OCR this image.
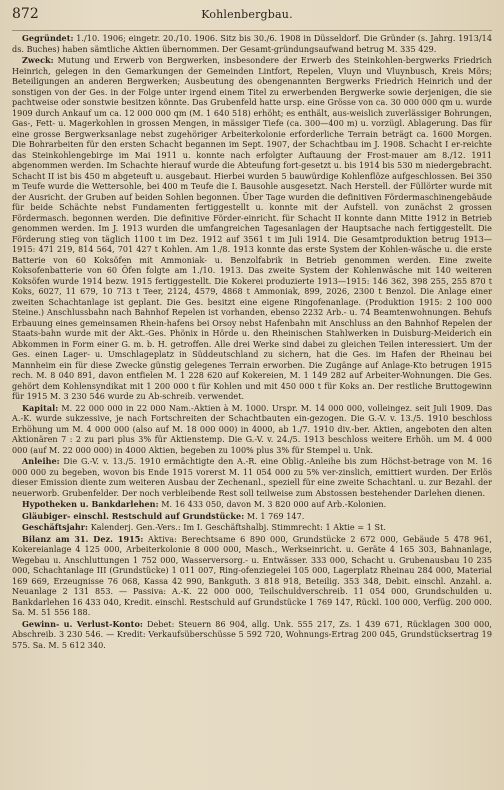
872	Kohlenbergbau.

Gegründet: 1./10. 1906; eingetr. 20./10. 1906. Sitz bis 30./6. 1908 in Düsseldorf. Die Gründer (s. Jahrg. 1913/14 ds. Buches) haben sämtliche Aktien übernommen. Der Gesamt-gründungsaufwand betrug M. 335 429.

Zweck: Mutung und Erwerb von Bergwerken, insbesondere der Erwerb des Steinkohlen-bergwerks Friedrich Heinrich, gelegen in den Gemarkungen der Gemeinden Lintfort, Repelen, Vluyn und Vluynbusch, Kreis Mörs; Beteiligungen an anderen Bergwerken; Ausbeutung des obengenannten Bergwerks Friedrich Heinrich und der sonstigen von der Ges. in der Folge unter irgend einem Titel zu erwerbenden Bergwerke sowie derjenigen, die sie pachtweise oder sonstwie besitzen könnte. Das Grubenfeld hatte ursp. eine Grösse von ca. 30 000 000 qm u. wurde 1909 durch Ankauf um ca. 12 000 000 qm (M. 1 640 518) erhöht; es enthält, aus-weislich zuverlässiger Bohrungen, Gas-, Fett- u. Magerkohlen in grossen Mengen, in mässiger Tiefe (ca. 300—400 m) u. vorzügl. Ablagerung. Das für eine grosse Bergwerksanlage nebst zugehöriger Arbeiterkolonie erforderliche Terrain beträgt ca. 1600 Morgen. Die Bohrarbeiten für den ersten Schacht begannen im Sept. 1907, der Schachtbau im J. 1908. Schacht I er-reichte das Steinkohlengebirge im Mai 1911 u. konnte nach erfolgter Auftauung der Frost-mauer am 8./12. 1911 abgenommen werden. Im Schachte hierauf wurde die Abteufung fort-gesetzt u. bis 1914 bis 530 m niedergebracht. Schacht II ist bis 450 m abgeteuft u. ausgebaut. Hierbei wurden 5 bauwürdige Kohlenflöze aufgeschlossen. Bei 350 m Teufe wurde die Wettersohle, bei 400 m Teufe die I. Bausohle ausgesetzt. Nach Herstell. der Füllörter wurde mit der Ausricht. der Gruben auf beiden Sohlen begonnen. Über Tage wurden die definitiven Fördermaschinengebäude für beide Schächte nebst Fundamenten fertiggestellt u. konnte mit der Aufstell. von zunächst 2 grossen Fördermasch. begonnen werden. Die definitive Förder-einricht. für Schacht II konnte dann Mitte 1912 in Betrieb genommen werden. Im J. 1913 wurden die umfangreichen Tagesanlagen der Hauptsache nach fertiggestellt. Die Förderung stieg von täglich 1100 t im Dez. 1912 auf 3561 t im Juli 1914. Die Gesamtproduktion betrug 1913—1915: 471 219, 814 564, 701 427 t Kohlen. Am 1./8. 1913 konnte das erste System der Kohlen-wäsche u. die erste Batterie von 60 Koksöfen mit Ammoniak- u. Benzolfabrik in Betrieb genommen werden. Eine zweite Koksofenbatterie von 60 Öfen folgte am 1./10. 1913. Das zweite System der Kohlenwäsche mit 140 weiteren Koksöfen wurde 1914 bezw. 1915 fertiggestellt. Die Kokerei produzierte 1913—1915: 146 362, 398 255, 255 870 t Koks, 6027, 11 679, 10 713 t Teer, 2124, 4579, 4868 t Ammoniak, 899, 2026, 2300 t Benzol. Die Anlage einer zweiten Schachtanlage ist geplant. Die Ges. besitzt eine eigene Ringofenanlage. (Produktion 1915: 2 100 000 Steine.) Anschlussbahn nach Bahnhof Repelen ist vorhanden, ebenso 2232 Arb.- u. 74 Beamtenwohnungen. Behufs Erbauung eines gemeinsamen Rhein-hafens bei Orsoy nebst Hafenbahn mit Anschluss an den Bahnhof Repelen der Staats-bahn wurde mit der Akt.-Ges. Phönix in Hörde u. den Rheinischen Stahlwerken in Duisburg-Meiderich ein Abkommen in Form einer G. m. b. H. getroffen. Alle drei Werke sind dabei zu gleichen Teilen interessiert. Um der Ges. einen Lager- u. Umschlageplatz in Süddeutschland zu sichern, hat die Ges. im Hafen der Rheinau bei Mannheim ein für diese Zwecke günstig gelegenes Terrain erworben. Die Zugänge auf Anlage-Kto betrugen 1915 rech. M. 8 040 891, davon entfielen M. 1 228 620 auf Kokereien, M. 1 149 282 auf Arbeiter-Wohnungen. Die Ges. gehört dem Kohlensyndikat mit 1 200 000 t für Kohlen und mit 450 000 t für Koks an. Der restliche Bruttogewinn für 1915 M. 3 230 546 wurde zu Ab-schreib. verwendet.

Kapital: M. 22 000 000 in 22 000 Nam.-Aktien à M. 1000. Urspr. M. 14 000 000, volleingez. seit Juli 1909. Das A.-K. wurde sukzessive, je nach Fortschreiten der Schachtbauten ein-gezogen. Die G.-V. v. 13./5. 1910 beschloss Erhöhung um M. 4 000 000 (also auf M. 18 000 000) in 4000, ab 1./7. 1910 div.-ber. Aktien, angeboten den alten Aktionären 7 : 2 zu pari plus 3% für Aktienstemp. Die G.-V. v. 24./5. 1913 beschloss weitere Erhöh. um M. 4 000 000 (auf M. 22 000 000) in 4000 Aktien, begeben zu 100% plus 3% für Stempel u. Unk.

Anleihe: Die G.-V. v. 13./5. 1910 ermächtigte den A.-R. eine Oblig.-Anleihe bis zum Höchst-betrage von M. 16 000 000 zu begeben, wovon bis Ende 1915 vorerst M. 11 054 000 zu 5% ver-zinslich, emittiert wurden. Der Erlös dieser Emission diente zum weiteren Ausbau der Zechenanl., speziell für eine zweite Schachtanl. u. zur Bezahl. der neuerworb. Grubenfelder. Der noch verbleibende Rest soll teilweise zum Abstossen bestehender Darlehen dienen.

Hypotheken u. Bankdarlehen: M. 16 433 050, davon M. 3 820 000 auf Arb.-Kolonien.

Gläubiger- einschl. Restschuld auf Grundstücke: M. 1 769 147.

Geschäftsjahr: Kalenderj. Gen.-Vers.: Im I. Geschäftshalbj. Stimmrecht: 1 Aktie = 1 St.

Bilanz am 31. Dez. 1915: Aktiva: Berechtsame 6 890 000, Grundstücke 2 672 000, Gebäude 5 478 961, Kokereianlage 4 125 000, Arbeiterkolonie 8 000 000, Masch., Werkseinricht. u. Geräte 4 165 303, Bahnanlage, Wegebau u. Anschluttungen 1 752 000, Wasserversorg.- u. Entwässer. 333 000, Schacht u. Grubenausbau 10 235 000, Schachtanlage III (Grundstücke) 1 011 007, Ring-ofenziegelei 105 000, Lagerplatz Rheinau 284 000, Material 169 669, Erzeugnisse 76 068, Kassa 42 990, Bankguth. 3 818 918, Beteilig. 353 348, Debit. einschl. Anzahl. a. Neuanlage 2 131 853. — Passiva: A.-K. 22 000 000, Teilschuldverschreib. 11 054 000, Grundschulden u. Bankdarlehen 16 433 040, Kredit. einschl. Restschuld auf Grundstücke 1 769 147, Rückl. 100 000, Verfüg. 200 000. Sa. M. 51 556 188.

Gewinn- u. Verlust-Konto: Debet: Steuern 86 904, allg. Unk. 555 217, Zs. 1 439 671, Rücklagen 300 000, Abschreib. 3 230 546. — Kredit: Verkaufsüberschüsse 5 592 720, Wohnungs-Ertrag 200 045, Grundstücksertrag 19 575. Sa. M. 5 612 340.
